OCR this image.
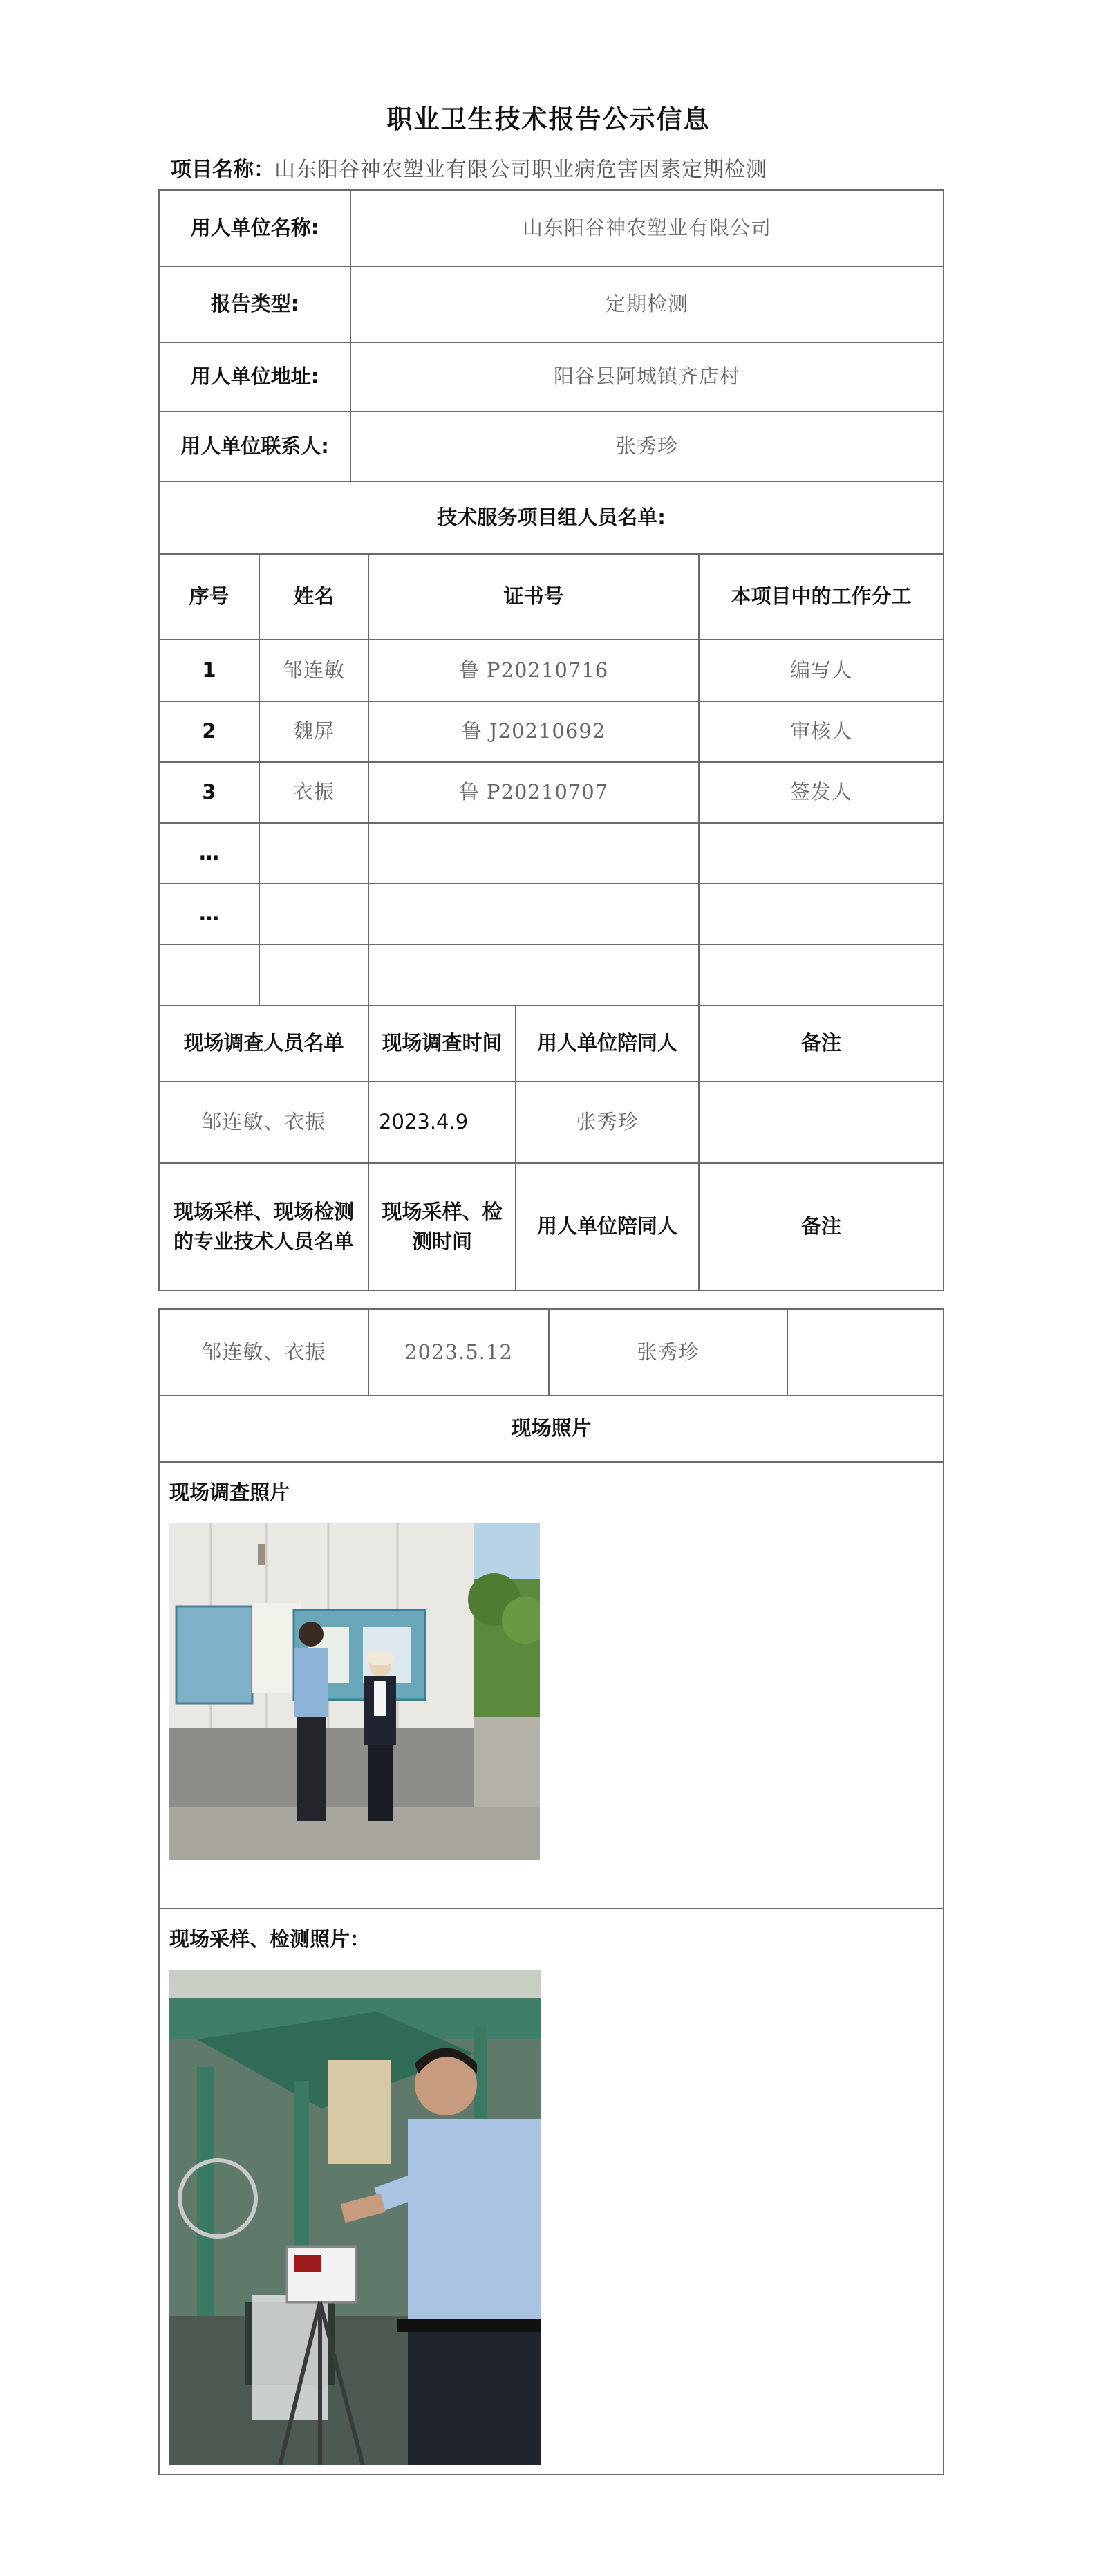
职业卫生技术报告公示信息
项目名称：山东阳谷神农塑业有限公司职业病危害因素定期检测
用人单位名称:		山东阳谷神农塑业有限公司			
报告类型:		定期检测			
用人单位地址:		阳谷县阿城镇齐店村			
用人单位联系人:		张秀珍			
技术服务项目组人员名单:					
序号	姓名		证书号		本项目中的工作分工
1	邹连敏		鲁 P20210716		编写人
2	魏屏		鲁 J20210692		审核人
3	衣振		鲁 P20210707		签发人
…					
…					

现场调查人员名单			现场调查时间	用人单位陪同人	备注
邹连敏、衣振			2023.4.9	张秀珍	
现场采样、现场检测的专业技术人员名单			现场采样、检测时间	用人单位陪同人	备注
邹连敏、衣振	2023.5.12	张秀珍	
现场照片

现场调查照片

现场采样、检测照片：
